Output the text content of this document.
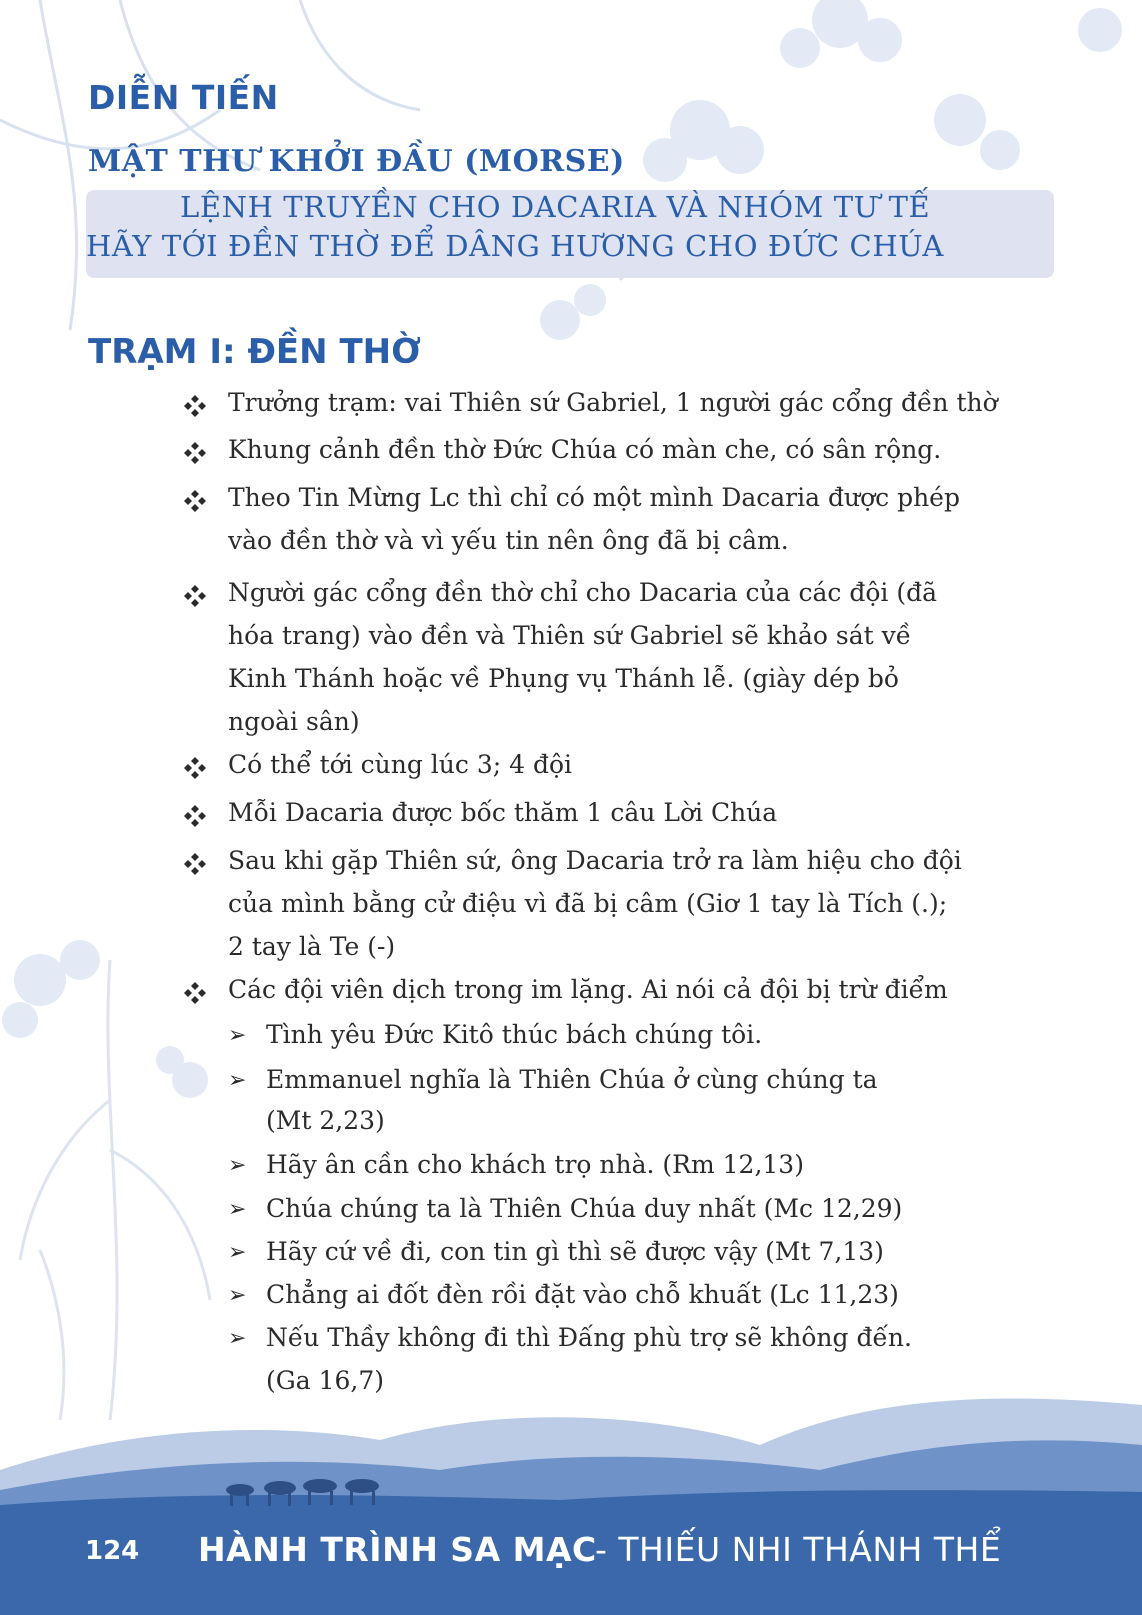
DIỄN TIẾN
MẬT THƯ KHỞI ĐẦU (MORSE)
LỆNH TRUYỀN CHO DACARIA VÀ NHÓM TƯ TẾ
HÃY TỚI ĐỀN THỜ ĐỂ DÂNG HƯƠNG CHO ĐỨC CHÚA
TRẠM I: ĐỀN THỜ
Trưởng trạm: vai Thiên sứ Gabriel, 1 người gác cổng đền thờ
Khung cảnh đền thờ Đức Chúa có màn che, có sân rộng.
Theo Tin Mừng Lc thì chỉ có một mình Dacaria được phép
vào đền thờ và vì yếu tin nên ông đã bị câm.
Người gác cổng đền thờ chỉ cho Dacaria của các đội (đã
hóa trang) vào đền và Thiên sứ Gabriel sẽ khảo sát về
Kinh Thánh hoặc về Phụng vụ Thánh lễ. (giày dép bỏ
ngoài sân)
Có thể tới cùng lúc 3; 4 đội
Mỗi Dacaria được bốc thăm 1 câu Lời Chúa
Sau khi gặp Thiên sứ, ông Dacaria trở ra làm hiệu cho đội
của mình bằng cử điệu vì đã bị câm (Giơ 1 tay là Tích (.);
2 tay là Te (-)
Các đội viên dịch trong im lặng. Ai nói cả đội bị trừ điểm
➢ Tình yêu Đức Kitô thúc bách chúng tôi.
➢ Emmanuel nghĩa là Thiên Chúa ở cùng chúng ta
(Mt 2,23)
➢ Hãy ân cần cho khách trọ nhà. (Rm 12,13)
➢ Chúa chúng ta là Thiên Chúa duy nhất (Mc 12,29)
➢ Hãy cứ về đi, con tin gì thì sẽ được vậy (Mt 7,13)
➢ Chẳng ai đốt đèn rồi đặt vào chỗ khuất (Lc 11,23)
➢ Nếu Thầy không đi thì Đấng phù trợ sẽ không đến.
(Ga 16,7)
124 HÀNH TRÌNH SA MẠC
- THIẾU NHI THÁNH THỂ
